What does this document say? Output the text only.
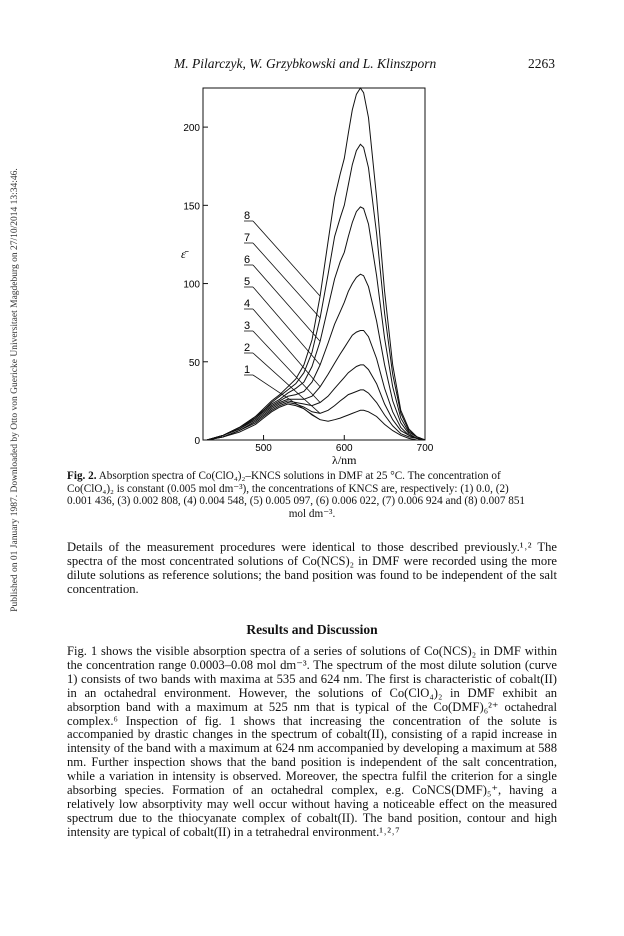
M. Pilarczyk, W. Grzybkowski and L. Klinszporn	2263
Published on 01 January 1987. Downloaded by Otto von Guericke Universitaet Magdeburg on 27/10/2014 13:34:46.	0
50
100
150
200
500	600	700
1
2
3
4
5
6
7
8
ε̄
λ/nm

Fig. 2. Absorption spectra of Co(ClO₄)₂–KNCS solutions in DMF at 25 °C. The concentration of

Co(ClO₄)₂ is constant (0.005 mol dm⁻³), the concentrations of KNCS are, respectively: (1) 0.0, (2)

0.001 436, (3) 0.002 808, (4) 0.004 548, (5) 0.005 097, (6) 0.006 022, (7) 0.006 924 and (8) 0.007 851

mol dm⁻³.

Details of the measurement procedures were identical to those described previously.¹˒² The spectra of the most concentrated solutions of Co(NCS)₂ in DMF were recorded using the more dilute solutions as reference solutions; the band position was found to be independent of the salt concentration.
Results and Discussion
Fig. 1 shows the visible absorption spectra of a series of solutions of Co(NCS)₂ in DMF within the concentration range 0.0003–0.08 mol dm⁻³. The spectrum of the most dilute solution (curve 1) consists of two bands with maxima at 535 and 624 nm. The first is characteristic of cobalt(II) in an octahedral environment. However, the solutions of Co(ClO₄)₂ in DMF exhibit an absorption band with a maximum at 525 nm that is typical of the Co(DMF)₆²⁺ octahedral complex.⁶ Inspection of fig. 1 shows that increasing the concentration of the solute is accompanied by drastic changes in the spectrum of cobalt(II), consisting of a rapid increase in intensity of the band with a maximum at 624 nm accompanied by developing a maximum at 588 nm. Further inspection shows that the band position is independent of the salt concentration, while a variation in intensity is observed. Moreover, the spectra fulfil the criterion for a single absorbing species. Formation of an octahedral complex, e.g. CoNCS(DMF)₅⁺, having a relatively low absorptivity may well occur without having a noticeable effect on the measured spectrum due to the thiocyanate complex of cobalt(II). The band position, contour and high intensity are typical of cobalt(II) in a tetrahedral environment.¹˒²˒⁷
